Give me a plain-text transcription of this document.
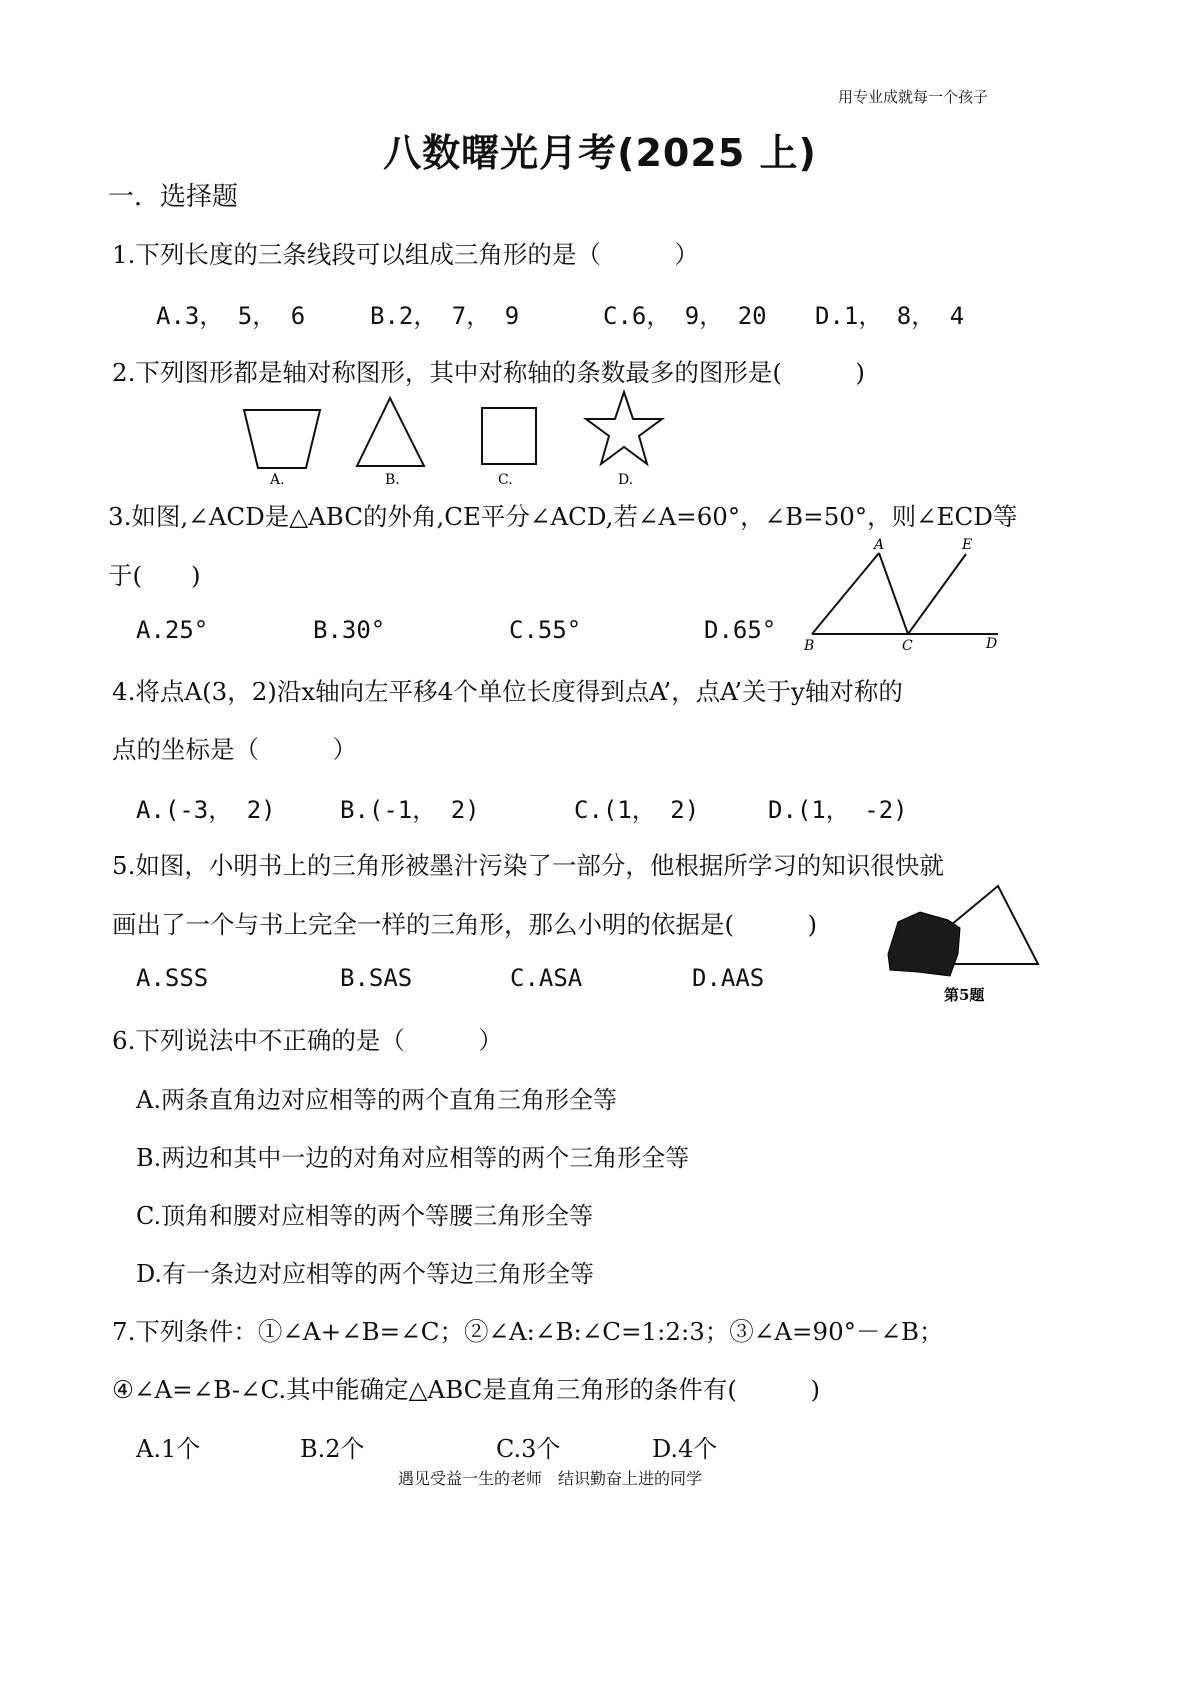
用专业成就每一个孩子
八数曙光月考(2025 上)
一．选择题
1.下列长度的三条线段可以组成三角形的是（　　　）
A.3， 5， 6	B.2， 7， 9	C.6， 9， 20 D.1， 8， 4
2.下列图形都是轴对称图形，其中对称轴的条数最多的图形是(　　　)
A.	B.	C.	D.
3.如图,∠ACD是△ABC的外角,CE平分∠ACD,若∠A=60°，∠B=50°，则∠ECD等
于(　　)
A.25°	B.30°	C.55°	D.65°
A	E
B	C	D
4.将点A(3，2)沿x轴向左平移4个单位长度得到点A’，点A’关于y轴对称的
点的坐标是（　　　）
A.(-3， 2)	B.(-1， 2)	C.(1， 2)	D.(1， -2)
5.如图，小明书上的三角形被墨汁污染了一部分，他根据所学习的知识很快就
画出了一个与书上完全一样的三角形，那么小明的依据是(　　　)
A.SSS	B.SAS	C.ASA	D.AAS
第5题
6.下列说法中不正确的是（　　　）
A.两条直角边对应相等的两个直角三角形全等
B.两边和其中一边的对角对应相等的两个三角形全等
C.顶角和腰对应相等的两个等腰三角形全等
D.有一条边对应相等的两个等边三角形全等
7.下列条件：①∠A+∠B=∠C；②∠A:∠B:∠C=1:2:3；③∠A=90°－∠B；
④∠A=∠B-∠C.其中能确定△ABC是直角三角形的条件有(　　　)
A.1个	B.2个	C.3个	D.4个
遇见受益一生的老师　结识勤奋上进的同学
